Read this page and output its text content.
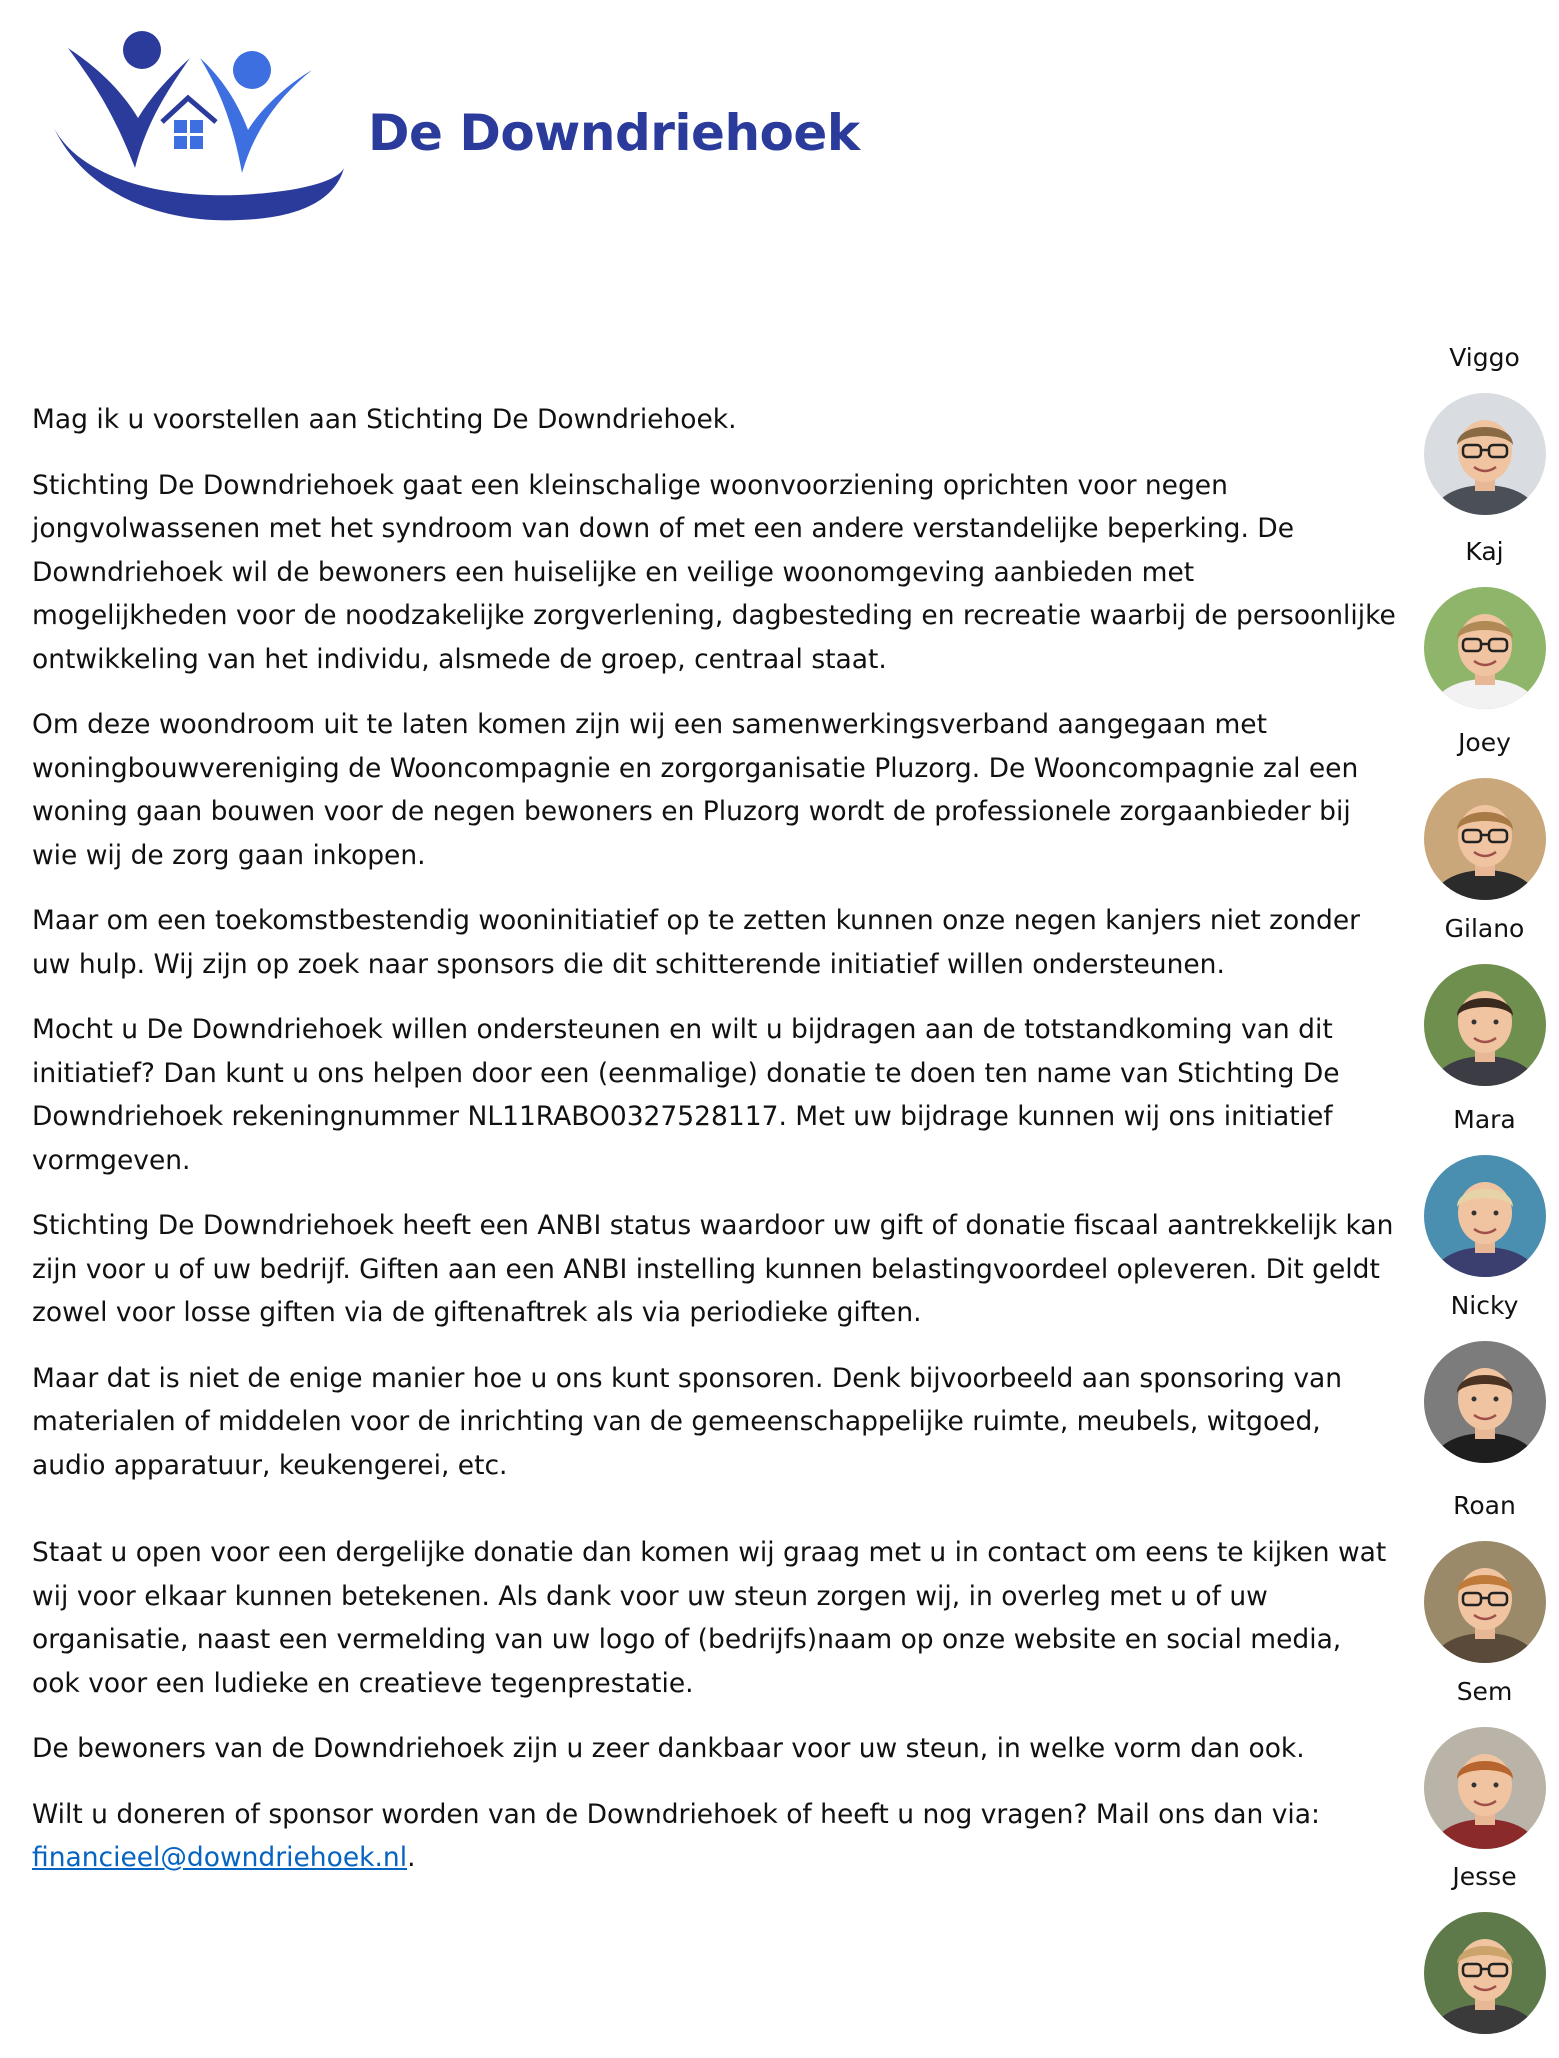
De Downdriehoek

Mag ik u voorstellen aan Stichting De Downdriehoek.

Stichting De Downdriehoek gaat een kleinschalige woonvoorziening oprichten voor negen jongvolwassenen met het syndroom van down of met een andere verstandelijke beperking. De Downdriehoek wil de bewoners een huiselijke en veilige woonomgeving aanbieden met mogelijkheden voor de noodzakelijke zorgverlening, dagbesteding en recreatie waarbij de persoonlijke ontwikkeling van het individu, alsmede de groep, centraal staat.

Om deze woondroom uit te laten komen zijn wij een samenwerkingsverband aangegaan met woningbouwvereniging de Wooncompagnie en zorgorganisatie Pluzorg. De Wooncompagnie zal een woning gaan bouwen voor de negen bewoners en Pluzorg wordt de professionele zorgaanbieder bij wie wij de zorg gaan inkopen.

Maar om een toekomstbestendig wooninitiatief op te zetten kunnen onze negen kanjers niet zonder uw hulp. Wij zijn op zoek naar sponsors die dit schitterende initiatief willen ondersteunen.

Mocht u De Downdriehoek willen ondersteunen en wilt u bijdragen aan de totstandkoming van dit initiatief? Dan kunt u ons helpen door een (eenmalige) donatie te doen ten name van Stichting De Downdriehoek rekeningnummer NL11RABO0327528117. Met uw bijdrage kunnen wij ons initiatief vormgeven.

Stichting De Downdriehoek heeft een ANBI status waardoor uw gift of donatie fiscaal aantrekkelijk kan zijn voor u of uw bedrijf. Giften aan een ANBI instelling kunnen belastingvoordeel opleveren. Dit geldt zowel voor losse giften via de giftenaftrek als via periodieke giften.

Maar dat is niet de enige manier hoe u ons kunt sponsoren. Denk bijvoorbeeld aan sponsoring van materialen of middelen voor de inrichting van de gemeenschappelijke ruimte, meubels, witgoed, audio apparatuur, keukengerei, etc.

Staat u open voor een dergelijke donatie dan komen wij graag met u in contact om eens te kijken wat wij voor elkaar kunnen betekenen. Als dank voor uw steun zorgen wij, in overleg met u of uw organisatie, naast een vermelding van uw logo of (bedrijfs)naam op onze website en social media, ook voor een ludieke en creatieve tegenprestatie.

De bewoners van de Downdriehoek zijn u zeer dankbaar voor uw steun, in welke vorm dan ook.

Wilt u doneren of sponsor worden van de Downdriehoek of heeft u nog vragen? Mail ons dan via:
financieel@downdriehoek.nl.

Viggo
Kaj
Joey
Gilano
Mara
Nicky
Roan
Sem
Jesse
